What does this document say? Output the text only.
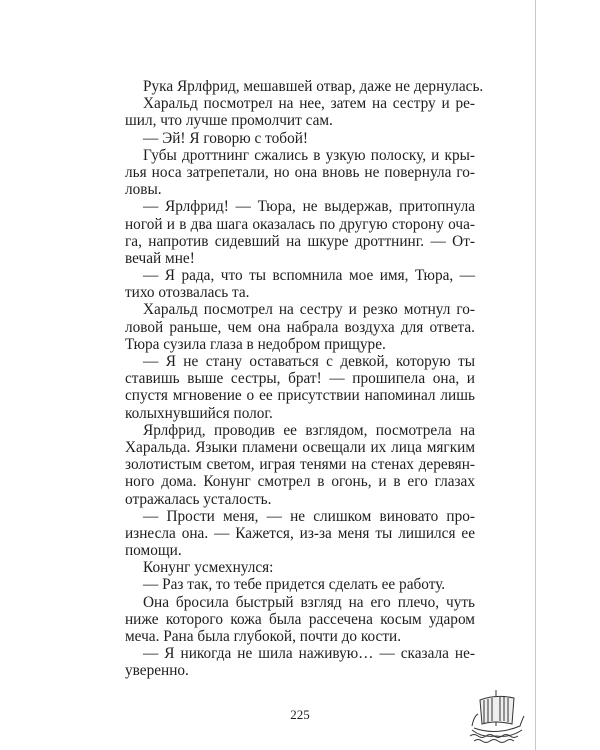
Рука Ярлфрид, мешавшей отвар, даже не дернулась.
Харальд посмотрел на нее, затем на сестру и ре-
шил, что лучше промолчит сам.
— Эй! Я говорю с тобой!
Губы дроттнинг сжались в узкую полоску, и кры-
лья носа затрепетали, но она вновь не повернула го-
ловы.
— Ярлфрид! — Тюра, не выдержав, притопнула
ногой и в два шага оказалась по другую сторону оча-
га, напротив сидевший на шкуре дроттнинг. — От-
вечай мне!
— Я рада, что ты вспомнила мое имя, Тюра, —
тихо отозвалась та.
Харальд посмотрел на сестру и резко мотнул го-
ловой раньше, чем она набрала воздуха для ответа.
Тюра сузила глаза в недобром прищуре.
— Я не стану оставаться с девкой, которую ты
ставишь выше сестры, брат! — прошипела она, и
спустя мгновение о ее присутствии напоминал лишь
колыхнувшийся полог.
Ярлфрид, проводив ее взглядом, посмотрела на
Харальда. Языки пламени освещали их лица мягким
золотистым светом, играя тенями на стенах деревян-
ного дома. Конунг смотрел в огонь, и в его глазах
отражалась усталость.
— Прости меня, — не слишком виновато про-
изнесла она. — Кажется, из-за меня ты лишился ее
помощи.
Конунг усмехнулся:
— Раз так, то тебе придется сделать ее работу.
Она бросила быстрый взгляд на его плечо, чуть
ниже которого кожа была рассечена косым ударом
меча. Рана была глубокой, почти до кости.
— Я никогда не шила наживую… — сказала не-
уверенно.
225
